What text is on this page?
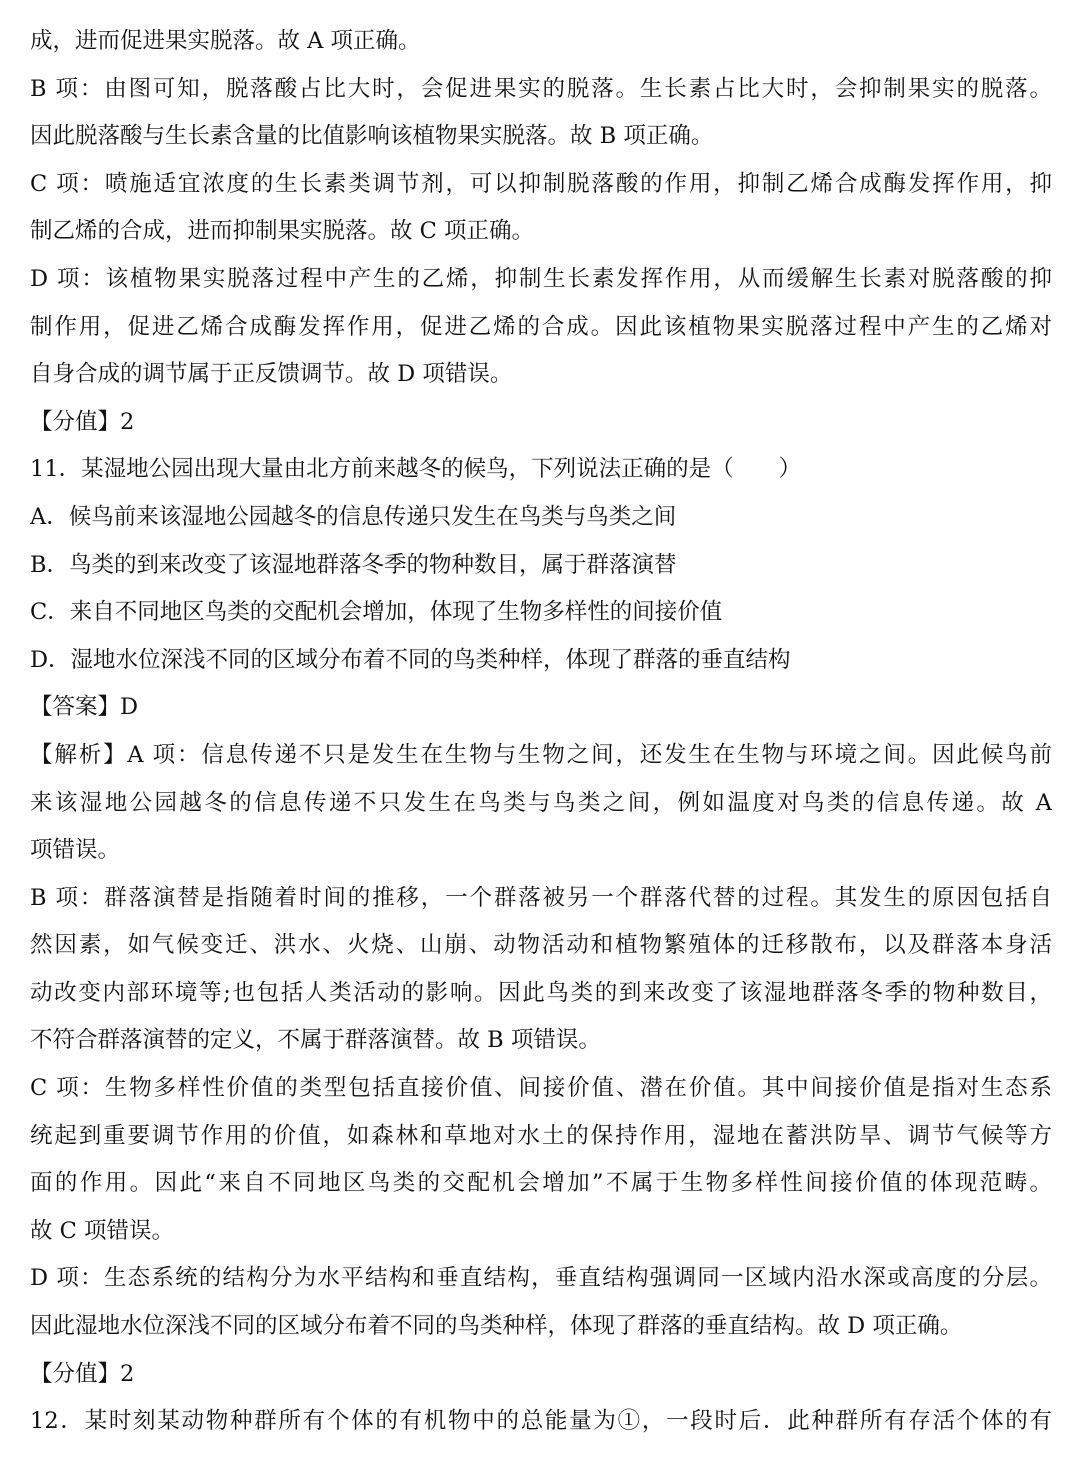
成，进而促进果实脱落。故 A 项正确。
B 项：由图可知，脱落酸占比大时，会促进果实的脱落。生长素占比大时，会抑制果实的脱落。
因此脱落酸与生长素含量的比值影响该植物果实脱落。故 B 项正确。
C 项：喷施适宜浓度的生长素类调节剂，可以抑制脱落酸的作用，抑制乙烯合成酶发挥作用，抑
制乙烯的合成，进而抑制果实脱落。故 C 项正确。
D 项：该植物果实脱落过程中产生的乙烯，抑制生长素发挥作用，从而缓解生长素对脱落酸的抑
制作用，促进乙烯合成酶发挥作用，促进乙烯的合成。因此该植物果实脱落过程中产生的乙烯对
自身合成的调节属于正反馈调节。故 D 项错误。
【分值】2
11．某湿地公园出现大量由北方前来越冬的候鸟，下列说法正确的是（　　）
A．候鸟前来该湿地公园越冬的信息传递只发生在鸟类与鸟类之间
B．鸟类的到来改变了该湿地群落冬季的物种数目，属于群落演替
C．来自不同地区鸟类的交配机会增加，体现了生物多样性的间接价值
D．湿地水位深浅不同的区域分布着不同的鸟类种样，体现了群落的垂直结构
【答案】D
【解析】A 项：信息传递不只是发生在生物与生物之间，还发生在生物与环境之间。因此候鸟前
来该湿地公园越冬的信息传递不只发生在鸟类与鸟类之间，例如温度对鸟类的信息传递。故 A
项错误。
B 项：群落演替是指随着时间的推移，一个群落被另一个群落代替的过程。其发生的原因包括自
然因素，如气候变迁、洪水、火烧、山崩、动物活动和植物繁殖体的迁移散布，以及群落本身活
动改变内部环境等;也包括人类活动的影响。因此鸟类的到来改变了该湿地群落冬季的物种数目，
不符合群落演替的定义，不属于群落演替。故 B 项错误。
C 项：生物多样性价值的类型包括直接价值、间接价值、潜在价值。其中间接价值是指对生态系
统起到重要调节作用的价值，如森林和草地对水土的保持作用，湿地在蓄洪防旱、调节气候等方
面的作用。因此“来自不同地区鸟类的交配机会增加”不属于生物多样性间接价值的体现范畴。
故 C 项错误。
D 项：生态系统的结构分为水平结构和垂直结构，垂直结构强调同一区域内沿水深或高度的分层。
因此湿地水位深浅不同的区域分布着不同的鸟类种样，体现了群落的垂直结构。故 D 项正确。
【分值】2
12．某时刻某动物种群所有个体的有机物中的总能量为①，一段时后．此种群所有存活个体的有
